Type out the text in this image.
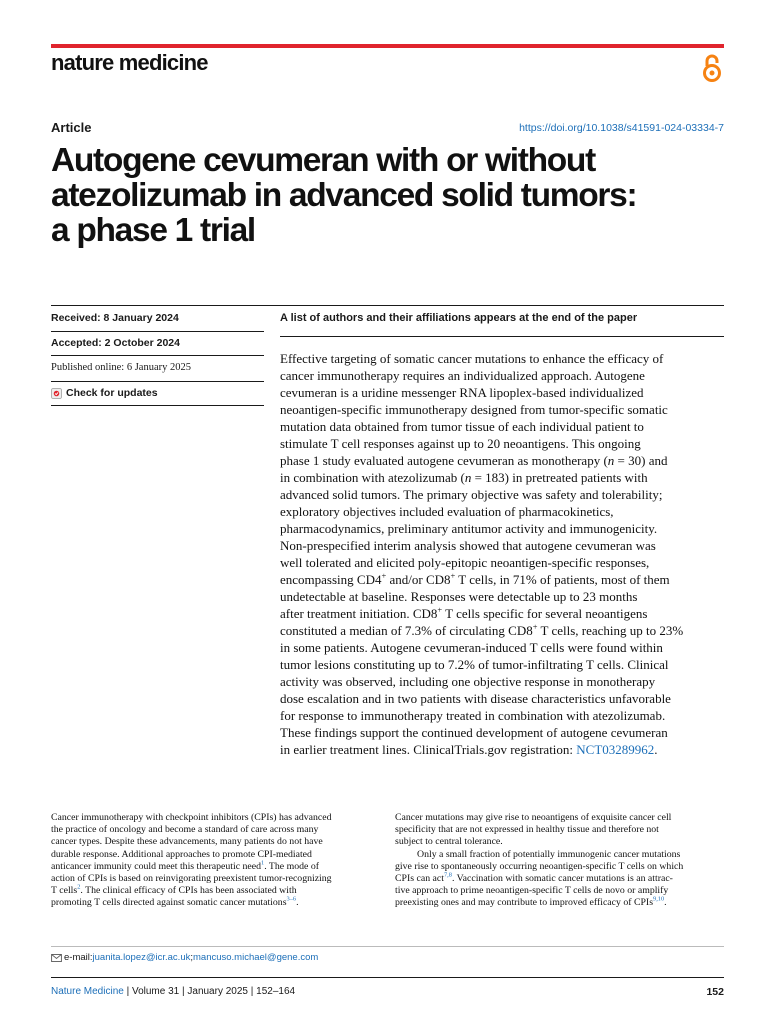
nature medicine
Article	https://doi.org/10.1038/s41591-024-03334-7
Autogene cevumeran with or without
atezolizumab in advanced solid tumors:
a phase 1 trial
Received: 8 January 2024
Accepted: 2 October 2024
Published online: 6 January 2025
Check for updates
A list of authors and their affiliations appears at the end of the paper
Effective targeting of somatic cancer mutations to enhance the efficacy of
cancer immunotherapy requires an individualized approach. Autogene
cevumeran is a uridine messenger RNA lipoplex-based individualized
neoantigen-specific immunotherapy designed from tumor-specific somatic
mutation data obtained from tumor tissue of each individual patient to
stimulate T cell responses against up to 20 neoantigens. This ongoing
phase 1 study evaluated autogene cevumeran as monotherapy (n = 30) and
in combination with atezolizumab (n = 183) in pretreated patients with
advanced solid tumors. The primary objective was safety and tolerability;
exploratory objectives included evaluation of pharmacokinetics,
pharmacodynamics, preliminary antitumor activity and immunogenicity.
Non-prespecified interim analysis showed that autogene cevumeran was
well tolerated and elicited poly-epitopic neoantigen-specific responses,
encompassing CD4+ and/or CD8+ T cells, in 71% of patients, most of them
undetectable at baseline. Responses were detectable up to 23 months
after treatment initiation. CD8+ T cells specific for several neoantigens
constituted a median of 7.3% of circulating CD8+ T cells, reaching up to 23%
in some patients. Autogene cevumeran-induced T cells were found within
tumor lesions constituting up to 7.2% of tumor-infiltrating T cells. Clinical
activity was observed, including one objective response in monotherapy
dose escalation and in two patients with disease characteristics unfavorable
for response to immunotherapy treated in combination with atezolizumab.
These findings support the continued development of autogene cevumeran
in earlier treatment lines. ClinicalTrials.gov registration: NCT03289962.
Cancer immunotherapy with checkpoint inhibitors (CPIs) has advanced
the practice of oncology and become a standard of care across many
cancer types. Despite these advancements, many patients do not have
durable response. Additional approaches to promote CPI-mediated
anticancer immunity could meet this therapeutic need$^1$. The mode of
action of CPIs is based on reinvigorating preexistent tumor-recognizing
T cells$^2$. The clinical efficacy of CPIs has been associated with
promoting T cells directed against somatic cancer mutations$^{3-6}$.
Cancer mutations may give rise to neoantigens of exquisite cancer cell
specificity that are not expressed in healthy tissue and therefore not
subject to central tolerance.
Only a small fraction of potentially immunogenic cancer mutations
give rise to spontaneously occurring neoantigen-specific T cells on which
CPIs can act$^{7,8}$. Vaccination with somatic cancer mutations is an attrac-
tive approach to prime neoantigen-specific T cells de novo or amplify
preexisting ones and may contribute to improved efficacy of CPIs$^{9,10}$.
e-mail: juanita.lopez@icr.ac.uk ; mancuso.michael@gene.com
Nature Medicine | Volume 31 | January 2025 | 152–164	152
